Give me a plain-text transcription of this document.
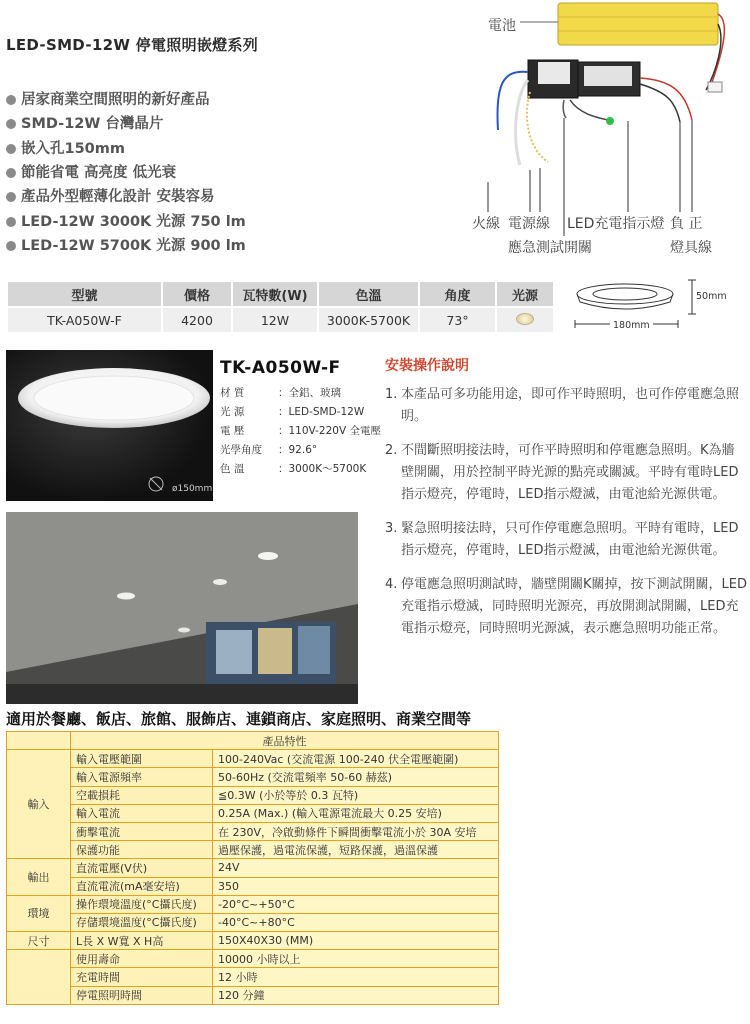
LED-SMD-12W 停電照明嵌燈系列
居家商業空間照明的新好產品
SMD-12W 台灣晶片
嵌入孔150mm
節能省電 高亮度 低光衰
產品外型輕薄化設計 安裝容易
LED-12W 3000K 光源 750 lm
LED-12W 5700K 光源 900 lm
電池
火線 電源線
應急測試開關
LED充電指示燈 負 正
燈具線
型號	價格	瓦特數(W)	色溫	角度	光源
TK-A050W-F	4200	12W	3000K-5700K	73°	
50mm
180mm
ø150mm
TK-A050W-F
材 質	：全鋁、玻璃
光 源	：LED-SMD-12W
電 壓	：110V-220V 全電壓
光學角度	：92.6°
色 溫	：3000K～5700K
安裝操作說明
1. 本產品可多功能用途，即可作平時照明，也可作停電應急照明。
2. 不間斷照明接法時，可作平時照明和停電應急照明。K為牆壁開關，用於控制平時光源的點亮或關滅。平時有電時LED指示燈亮，停電時，LED指示燈滅，由電池給光源供電。
3. 緊急照明接法時，只可作停電應急照明。平時有電時，LED指示燈亮，停電時，LED指示燈滅，由電池給光源供電。
4. 停電應急照明測試時，牆壁開關K關掉，按下測試開關，LED充電指示燈滅，同時照明光源亮，再放開測試開關，LED充電指示燈亮，同時照明光源滅，表示應急照明功能正常。
適用於餐廳、飯店、旅館、服飾店、連鎖商店、家庭照明、商業空間等
	產品特性	
輸入	輸入電壓範圍	100-240Vac (交流電源 100-240 伏全電壓範圍)
	輸入電源頻率	50-60Hz (交流電頻率 50-60 赫茲)
	空載損耗	≦0.3W (小於等於 0.3 瓦特)
	輸入電流	0.25A (Max.) (輸入電源電流最大 0.25 安培)
	衝擊電流	在 230V，冷啟動條件下瞬間衝擊電流小於 30A 安培
	保護功能	過壓保護，過電流保護，短路保護，過溫保護
輸出	直流電壓(V伏)	24V
	直流電流(mA毫安培)	350
環境	操作環境溫度(°C攝氏度)	-20°C~+50°C
	存儲環境溫度(°C攝氏度)	-40°C~+80°C
尺寸	L長 X W寬 X H高	150X40X30 (MM)
	使用壽命	10000 小時以上
	充電時間	12 小時
	停電照明時間	120 分鐘
